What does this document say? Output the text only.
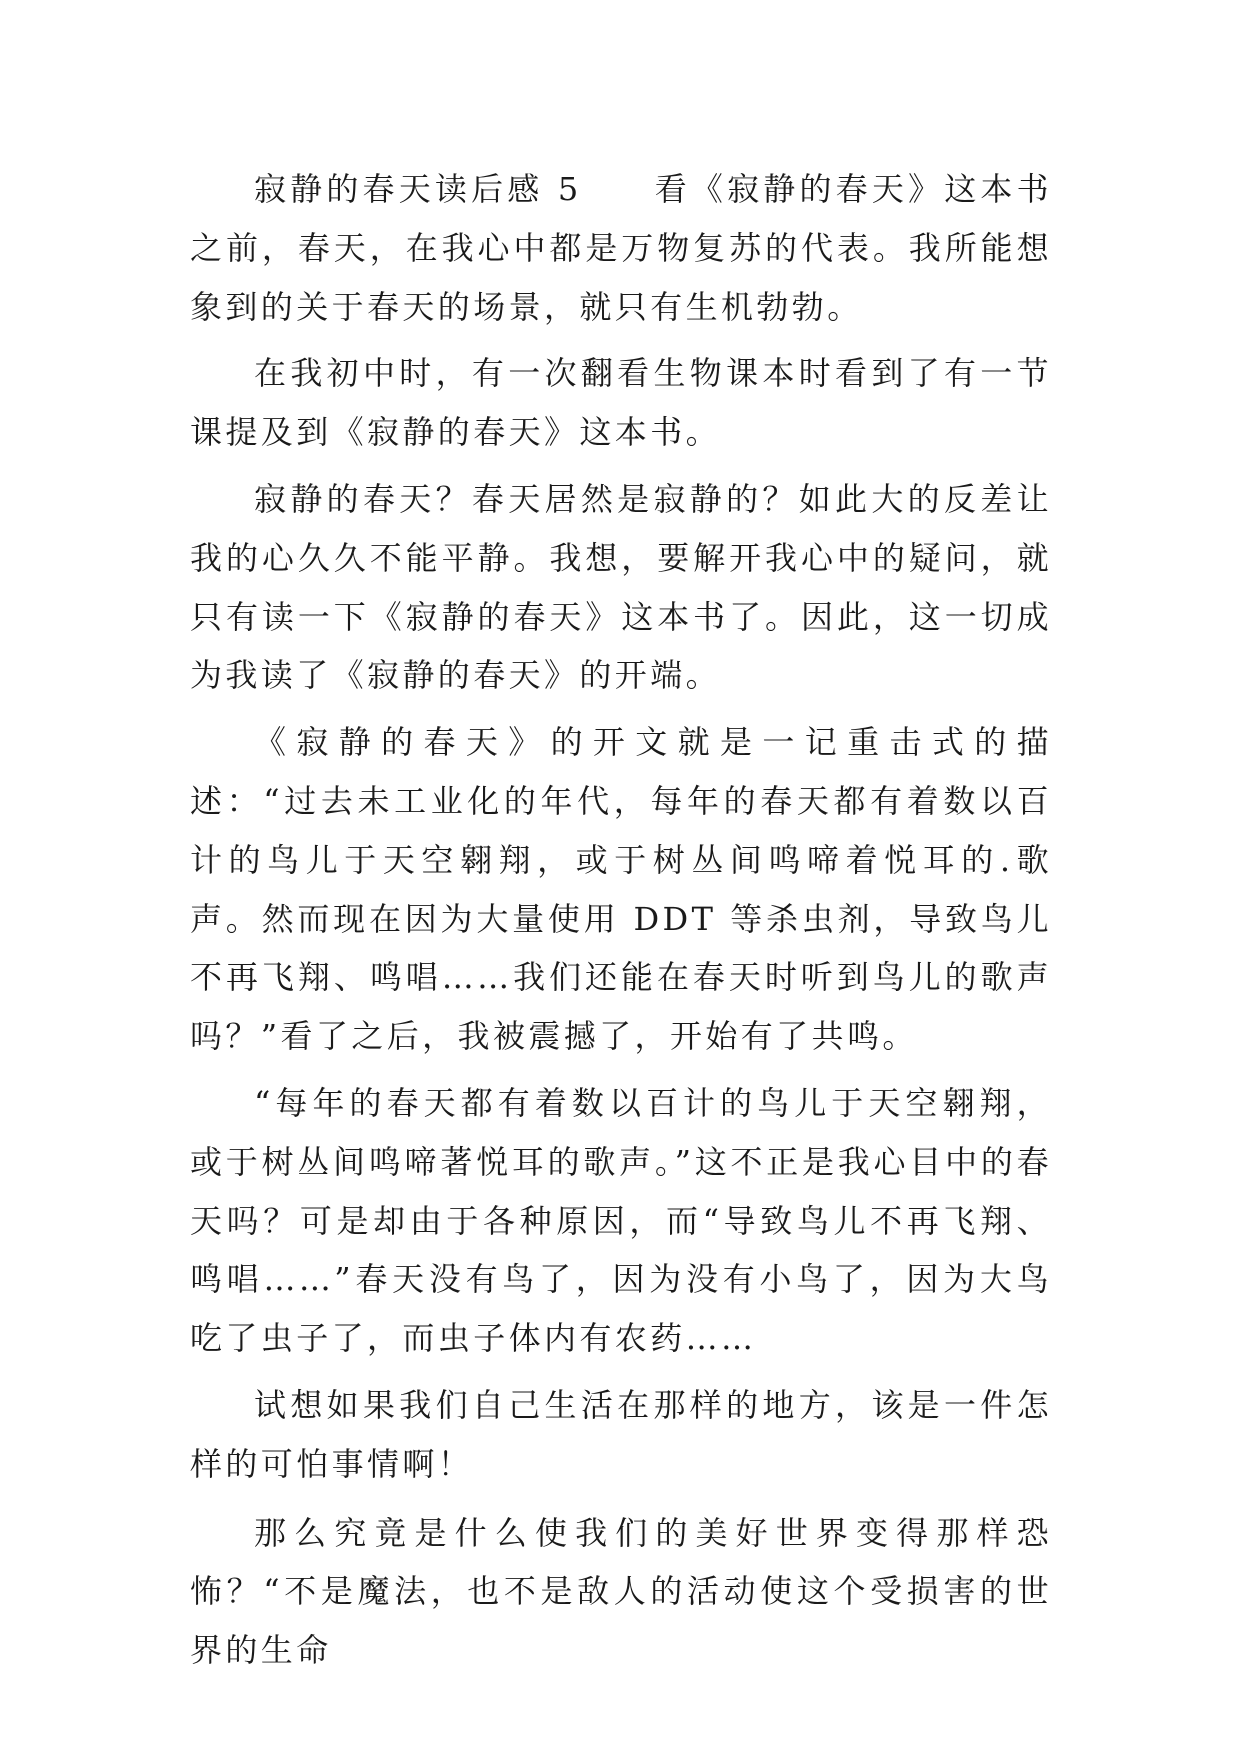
寂静的春天读后感 5　　看《寂静的春天》这本书之前，春天，在我心中都是万物复苏的代表。我所能想象到的关于春天的场景，就只有生机勃勃。

在我初中时，有一次翻看生物课本时看到了有一节课提及到《寂静的春天》这本书。

寂静的春天？春天居然是寂静的？如此大的反差让我的心久久不能平静。我想，要解开我心中的疑问，就只有读一下《寂静的春天》这本书了。因此，这一切成为我读了《寂静的春天》的开端。

《寂静的春天》的开文就是一记重击式的描述：“过去未工业化的年代，每年的春天都有着数以百计的鸟儿于天空翱翔，或于树丛间鸣啼着悦耳的.歌声。然而现在因为大量使用 DDT 等杀虫剂，导致鸟儿不再飞翔、鸣唱……我们还能在春天时听到鸟儿的歌声吗？”看了之后，我被震撼了，开始有了共鸣。

“每年的春天都有着数以百计的鸟儿于天空翱翔，或于树丛间鸣啼著悦耳的歌声。”这不正是我心目中的春天吗？可是却由于各种原因，而“导致鸟儿不再飞翔、鸣唱……”春天没有鸟了，因为没有小鸟了，因为大鸟吃了虫子了，而虫子体内有农药……

试想如果我们自己生活在那样的地方，该是一件怎样的可怕事情啊！

那么究竟是什么使我们的美好世界变得那样恐怖？“不是魔法，也不是敌人的活动使这个受损害的世界的生命
